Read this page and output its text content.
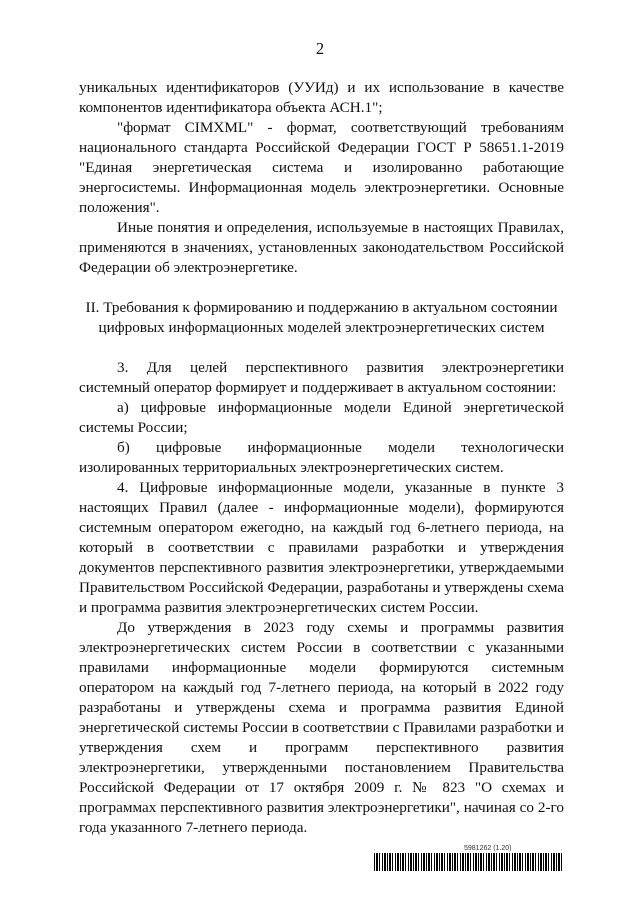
2

уникальных идентификаторов (УУИд) и их использование в качестве компонентов идентификатора объекта АСН.1";

"формат CIMXML" - формат, соответствующий требованиям национального стандарта Российской Федерации ГОСТ Р 58651.1-2019 "Единая энергетическая система и изолированно работающие энергосистемы. Информационная модель электроэнергетики. Основные положения".

Иные понятия и определения, используемые в настоящих Правилах, применяются в значениях, установленных законодательством Российской Федерации об электроэнергетике.

II. Требования к формированию и поддержанию в актуальном состоянии цифровых информационных моделей электроэнергетических систем

3. Для целей перспективного развития электроэнергетики системный оператор формирует и поддерживает в актуальном состоянии:

а) цифровые информационные модели Единой энергетической системы России;

б) цифровые информационные модели технологически изолированных территориальных электроэнергетических систем.

4. Цифровые информационные модели, указанные в пункте 3 настоящих Правил (далее - информационные модели), формируются системным оператором ежегодно, на каждый год 6-летнего периода, на который в соответствии с правилами разработки и утверждения документов перспективного развития электроэнергетики, утверждаемыми Правительством Российской Федерации, разработаны и утверждены схема и программа развития электроэнергетических систем России.

До утверждения в 2023 году схемы и программы развития электроэнергетических систем России в соответствии с указанными правилами информационные модели формируются системным оператором на каждый год 7-летнего периода, на который в 2022 году разработаны и утверждены схема и программа развития Единой энергетической системы России в соответствии с Правилами разработки и утверждения схем и программ перспективного развития электроэнергетики, утвержденными постановлением Правительства Российской Федерации от 17 октября 2009 г. № 823 "О схемах и программах перспективного развития электроэнергетики", начиная со 2-го года указанного 7-летнего периода.

5981262 (1.20)
